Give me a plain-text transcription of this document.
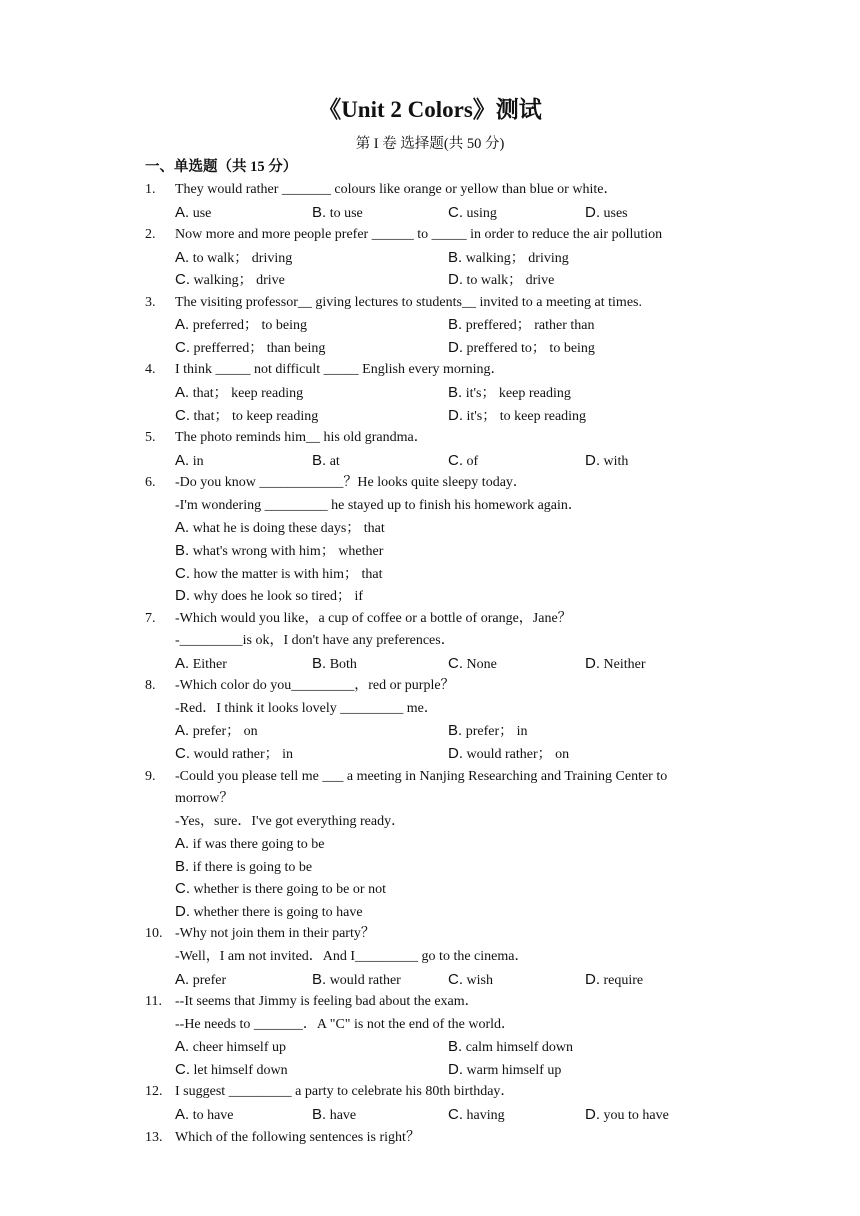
《Unit 2 Colors》测试
第 I 卷 选择题(共 50 分)
一、单选题（共 15 分）
1. They would rather _______ colours like orange or yellow than blue or white．
A. use	B. to use	C. using	D. uses
2. Now more and more people prefer ______ to _____ in order to reduce the air pollution
A. to walk； driving	B. walking； driving
C. walking； drive	D. to walk； drive
3. The visiting professor__ giving lectures to students__ invited to a meeting at times.
A. preferred； to being	B. preffered； rather than
C. prefferred； than being	D. preffered to； to being
4. I think _____ not difficult _____ English every morning．
A. that； keep reading	B. it's； keep reading
C. that； to keep reading	D. it's； to keep reading
5. The photo reminds him__ his old grandma．
A. in	B. at	C. of	D. with
6. -Do you know ____________？He looks quite sleepy today．
-I'm wondering _________ he stayed up to finish his homework again．
A. what he is doing these days； that
B. what's wrong with him； whether
C. how the matter is with him； that
D. why does he look so tired； if
7. -Which would you like，a cup of coffee or a bottle of orange，Jane？
-_________is ok，I don't have any preferences．
A. Either	B. Both	C. None	D. Neither
8. -Which color do you_________，red or purple？
-Red．I think it looks lovely _________ me．
A. prefer； on	B. prefer； in
C. would rather； in	D. would rather； on
9. -Could you please tell me ___ a meeting in Nanjing Researching and Training Center to
morrow？
-Yes，sure．I've got everything ready．
A. if was there going to be
B. if there is going to be
C. whether is there going to be or not
D. whether there is going to have
10. -Why not join them in their party？
-Well，I am not invited．And I_________ go to the cinema．
A. prefer	B. would rather	C. wish	D. require
11. --It seems that Jimmy is feeling bad about the exam．
--He needs to _______．A "C" is not the end of the world．
A. cheer himself up	B. calm himself down
C. let himself down	D. warm himself up
12. I suggest _________ a party to celebrate his 80th birthday．
A. to have	B. have	C. having	D. you to have
13. Which of the following sentences is right？
